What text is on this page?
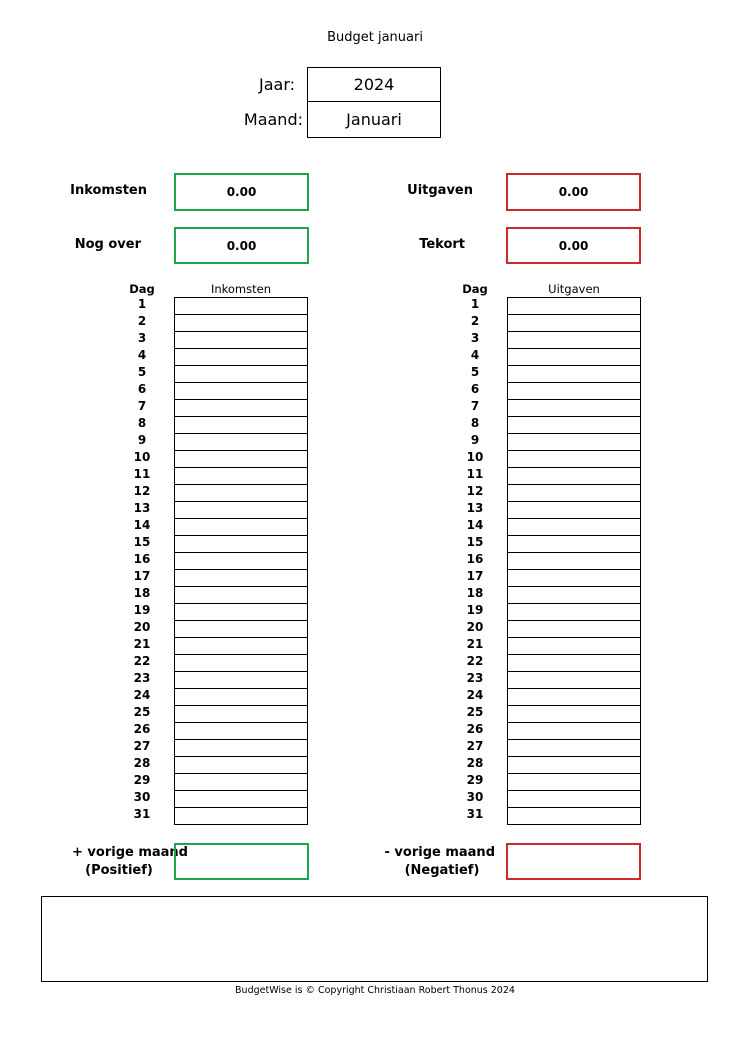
Budget januari
Jaar:	2024
Maand:	Januari
Inkomsten	0.00	Uitgaven	0.00
Nog over	0.00	Tekort	0.00
Dag	Inkomsten
1
2
3
4
5
6
7
8
9
10
11
12
13
14
15
16
17
18
19
20
21
22
23
24
25
26
27
28
29
30
31
Dag	Uitgaven
1
2
3
4
5
6
7
8
9
10
11
12
13
14
15
16
17
18
19
20
21
22
23
24
25
26
27
28
29
30
31
+ vorige maand
(Positief)
- vorige maand
(Negatief)
BudgetWise is © Copyright Christiaan Robert Thonus 2024
